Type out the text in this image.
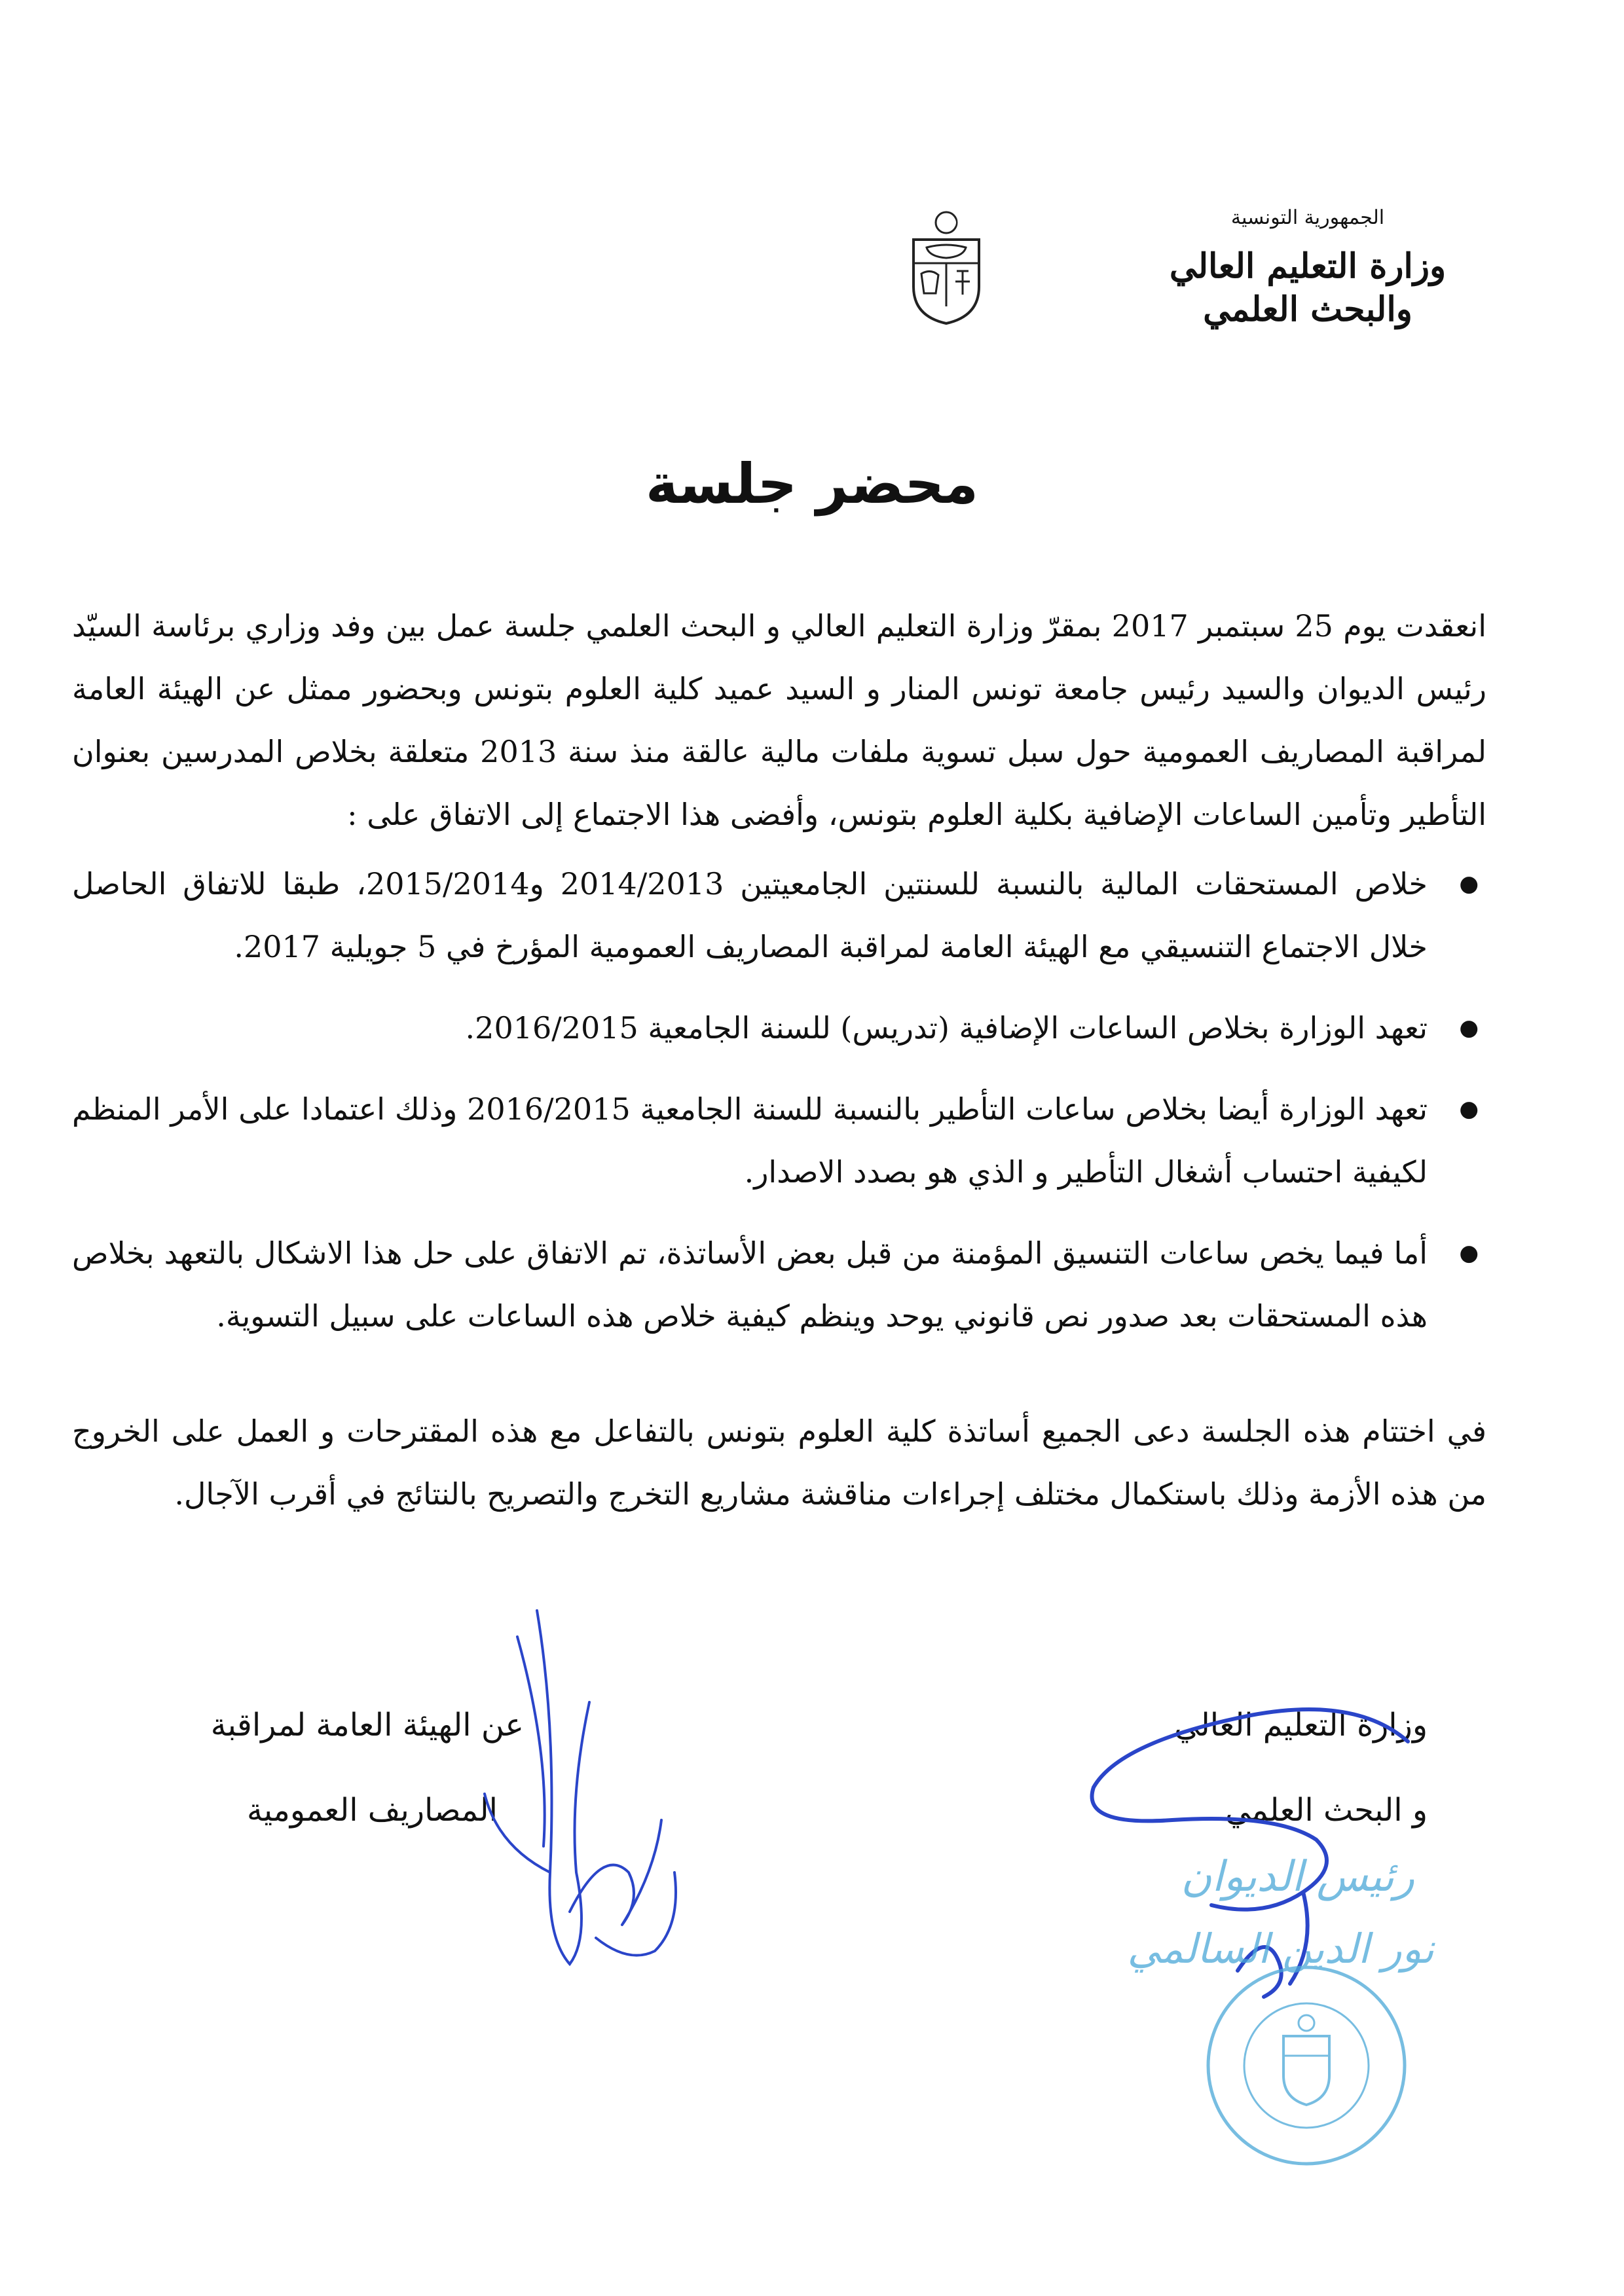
الجمهورية التونسية
وزارة التعليم العالي
والبحث العلمي
محضر جلسة

انعقدت يوم 25 سبتمبر 2017 بمقرّ وزارة التعليم العالي و البحث العلمي جلسة عمل بين وفد وزاري برئاسة السيّد رئيس الديوان والسيد رئيس جامعة تونس المنار و السيد عميد كلية العلوم بتونس وبحضور ممثل عن الهيئة العامة لمراقبة المصاريف العمومية حول سبل تسوية ملفات مالية عالقة منذ سنة 2013 متعلقة بخلاص المدرسين بعنوان التأطير وتأمين الساعات الإضافية بكلية العلوم بتونس، وأفضى هذا الاجتماع إلى الاتفاق على :

● خلاص المستحقات المالية بالنسبة للسنتين الجامعيتين 2014/2013 و2015/2014، طبقا للاتفاق الحاصل خلال الاجتماع التنسيقي مع الهيئة العامة لمراقبة المصاريف العمومية المؤرخ في 5 جويلية 2017.
● تعهد الوزارة بخلاص الساعات الإضافية (تدريس) للسنة الجامعية 2016/2015.
● تعهد الوزارة أيضا بخلاص ساعات التأطير بالنسبة للسنة الجامعية 2016/2015 وذلك اعتمادا على الأمر المنظم لكيفية احتساب أشغال التأطير و الذي هو بصدد الاصدار.
● أما فيما يخص ساعات التنسيق المؤمنة من قبل بعض الأساتذة، تم الاتفاق على حل هذا الاشكال بالتعهد بخلاص هذه المستحقات بعد صدور نص قانوني يوحد وينظم كيفية خلاص هذه الساعات على سبيل التسوية.

في اختتام هذه الجلسة دعى الجميع أساتذة كلية العلوم بتونس بالتفاعل مع هذه المقترحات و العمل على الخروج من هذه الأزمة وذلك باستكمال مختلف إجراءات مناقشة مشاريع التخرج والتصريح بالنتائج في أقرب الآجال.

وزارة التعليم العالي
و البحث العلمي
عن الهيئة العامة لمراقبة
المصاريف العمومية
رئيس الديوان
نور الدين السالمي
